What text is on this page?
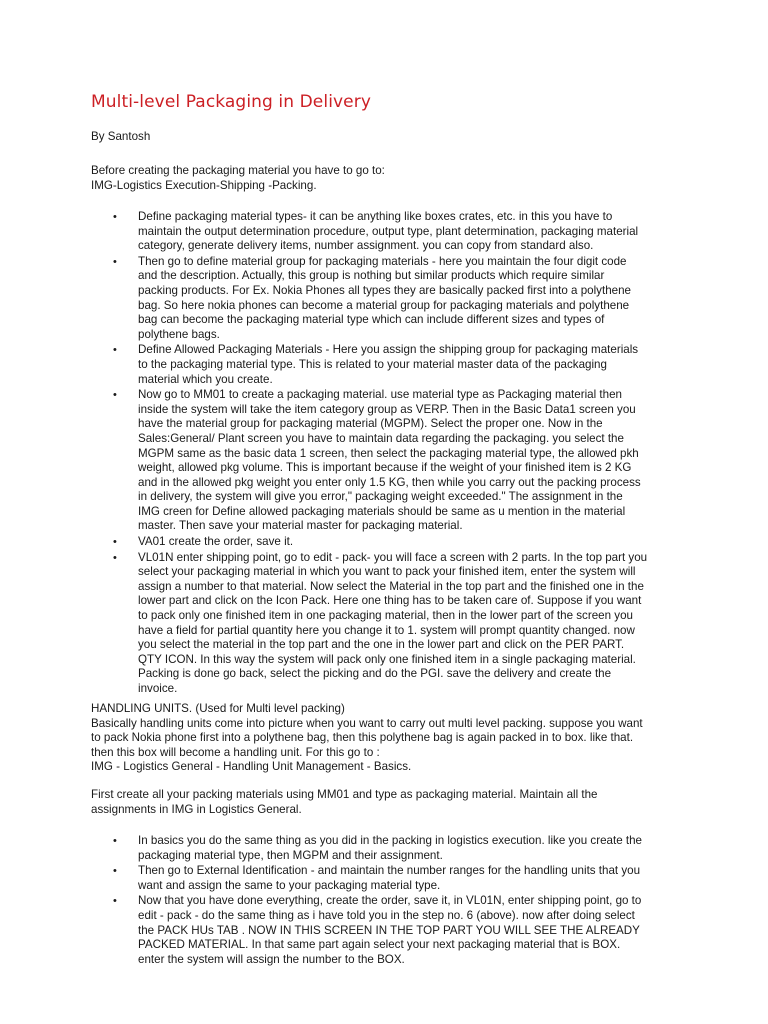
Multi-level Packaging in Delivery

By Santosh

Before creating the packaging material you have to go to:

IMG-Logistics Execution-Shipping -Packing.

• Define packaging material types- it can be anything like boxes crates, etc. in this you have to
maintain the output determination procedure, output type, plant determination, packaging material
category, generate delivery items, number assignment. you can copy from standard also.
• Then go to define material group for packaging materials - here you maintain the four digit code
and the description. Actually, this group is nothing but similar products which require similar
packing products. For Ex. Nokia Phones all types they are basically packed first into a polythene
bag. So here nokia phones can become a material group for packaging materials and polythene
bag can become the packaging material type which can include different sizes and types of
polythene bags.
• Define Allowed Packaging Materials - Here you assign the shipping group for packaging materials
to the packaging material type. This is related to your material master data of the packaging
material which you create.
• Now go to MM01 to create a packaging material. use material type as Packaging material then
inside the system will take the item category group as VERP. Then in the Basic Data1 screen you
have the material group for packaging material (MGPM). Select the proper one. Now in the
Sales:General/ Plant screen you have to maintain data regarding the packaging. you select the
MGPM same as the basic data 1 screen, then select the packaging material type, the allowed pkh
weight, allowed pkg volume. This is important because if the weight of your finished item is 2 KG
and in the allowed pkg weight you enter only 1.5 KG, then while you carry out the packing process
in delivery, the system will give you error," packaging weight exceeded." The assignment in the
IMG creen for Define allowed packaging materials should be same as u mention in the material
master. Then save your material master for packaging material.
• VA01 create the order, save it.
• VL01N enter shipping point, go to edit - pack- you will face a screen with 2 parts. In the top part you
select your packaging material in which you want to pack your finished item, enter the system will
assign a number to that material. Now select the Material in the top part and the finished one in the
lower part and click on the Icon Pack. Here one thing has to be taken care of. Suppose if you want
to pack only one finished item in one packaging material, then in the lower part of the screen you
have a field for partial quantity here you change it to 1. system will prompt quantity changed. now
you select the material in the top part and the one in the lower part and click on the PER PART.
QTY ICON. In this way the system will pack only one finished item in a single packaging material.
Packing is done go back, select the picking and do the PGI. save the delivery and create the
invoice.

HANDLING UNITS. (Used for Multi level packing)

Basically handling units come into picture when you want to carry out multi level packing. suppose you want

to pack Nokia phone first into a polythene bag, then this polythene bag is again packed in to box. like that.

then this box will become a handling unit. For this go to :

IMG - Logistics General - Handling Unit Management - Basics.

First create all your packing materials using MM01 and type as packaging material. Maintain all the

assignments in IMG in Logistics General.

• In basics you do the same thing as you did in the packing in logistics execution. like you create the
packaging material type, then MGPM and their assignment.
• Then go to External Identification - and maintain the number ranges for the handling units that you
want and assign the same to your packaging material type.
• Now that you have done everything, create the order, save it, in VL01N, enter shipping point, go to
edit - pack - do the same thing as i have told you in the step no. 6 (above). now after doing select
the PACK HUs TAB . NOW IN THIS SCREEN IN THE TOP PART YOU WILL SEE THE ALREADY
PACKED MATERIAL. In that same part again select your next packaging material that is BOX.
enter the system will assign the number to the BOX.
